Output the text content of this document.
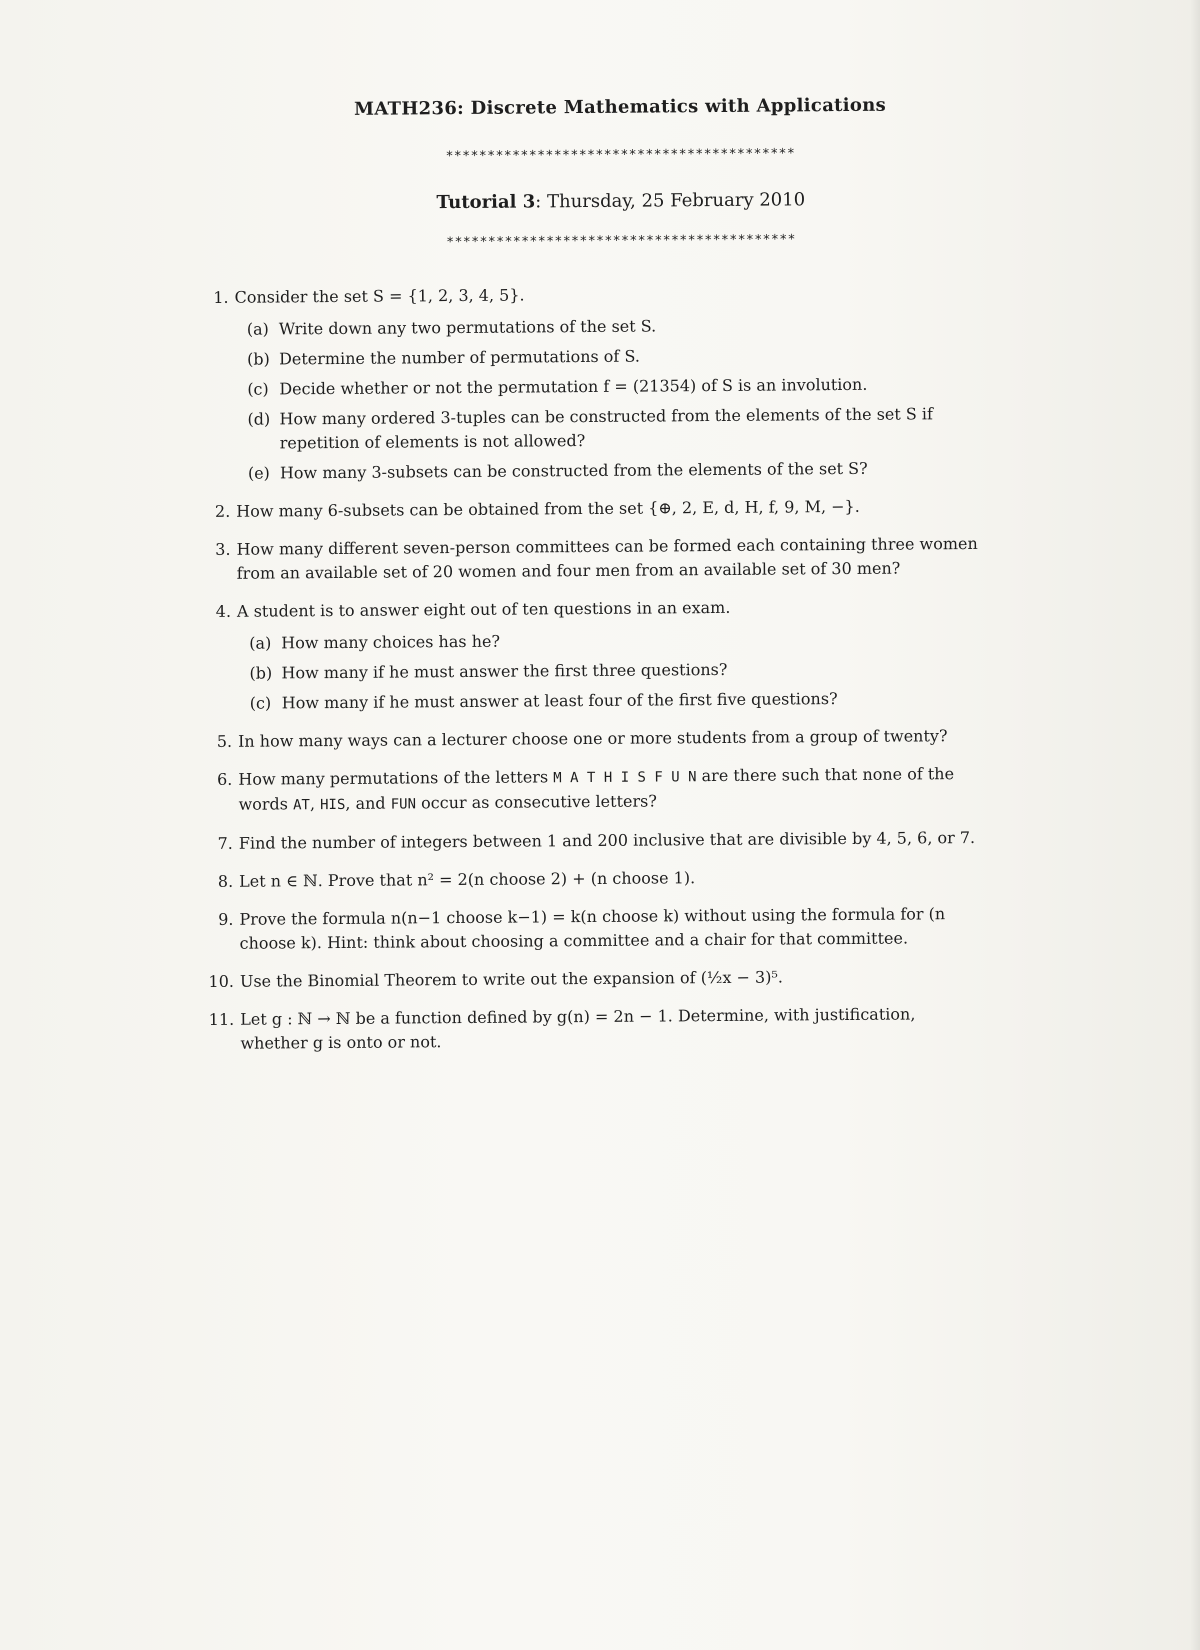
MATH236: Discrete Mathematics with Applications
******************************************
Tutorial 3: Thursday, 25 February 2010
******************************************
1. Consider the set S = {1, 2, 3, 4, 5}.
(a) Write down any two permutations of the set S.
(b) Determine the number of permutations of S.
(c) Decide whether or not the permutation f = (21354) of S is an involution.
(d) How many ordered 3-tuples can be constructed from the elements of the set S if repetition of elements is not allowed?
(e) How many 3-subsets can be constructed from the elements of the set S?
2. How many 6-subsets can be obtained from the set {⊕, 2, E, d, H, f, 9, M, −}.
3. How many different seven-person committees can be formed each containing three women from an available set of 20 women and four men from an available set of 30 men?
4. A student is to answer eight out of ten questions in an exam.
(a) How many choices has he?
(b) How many if he must answer the first three questions?
(c) How many if he must answer at least four of the first five questions?
5. In how many ways can a lecturer choose one or more students from a group of twenty?
6. How many permutations of the letters M A T H I S F U N are there such that none of the words AT, HIS, and FUN occur as consecutive letters?
7. Find the number of integers between 1 and 200 inclusive that are divisible by 4, 5, 6, or 7.
8. Let n ∈ ℕ. Prove that n² = 2(n choose 2) + (n choose 1).
9. Prove the formula n(n−1 choose k−1) = k(n choose k) without using the formula for (n choose k). Hint: think about choosing a committee and a chair for that committee.
10. Use the Binomial Theorem to write out the expansion of (½x − 3)⁵.
11. Let g : ℕ → ℕ be a function defined by g(n) = 2n − 1. Determine, with justification, whether g is onto or not.
